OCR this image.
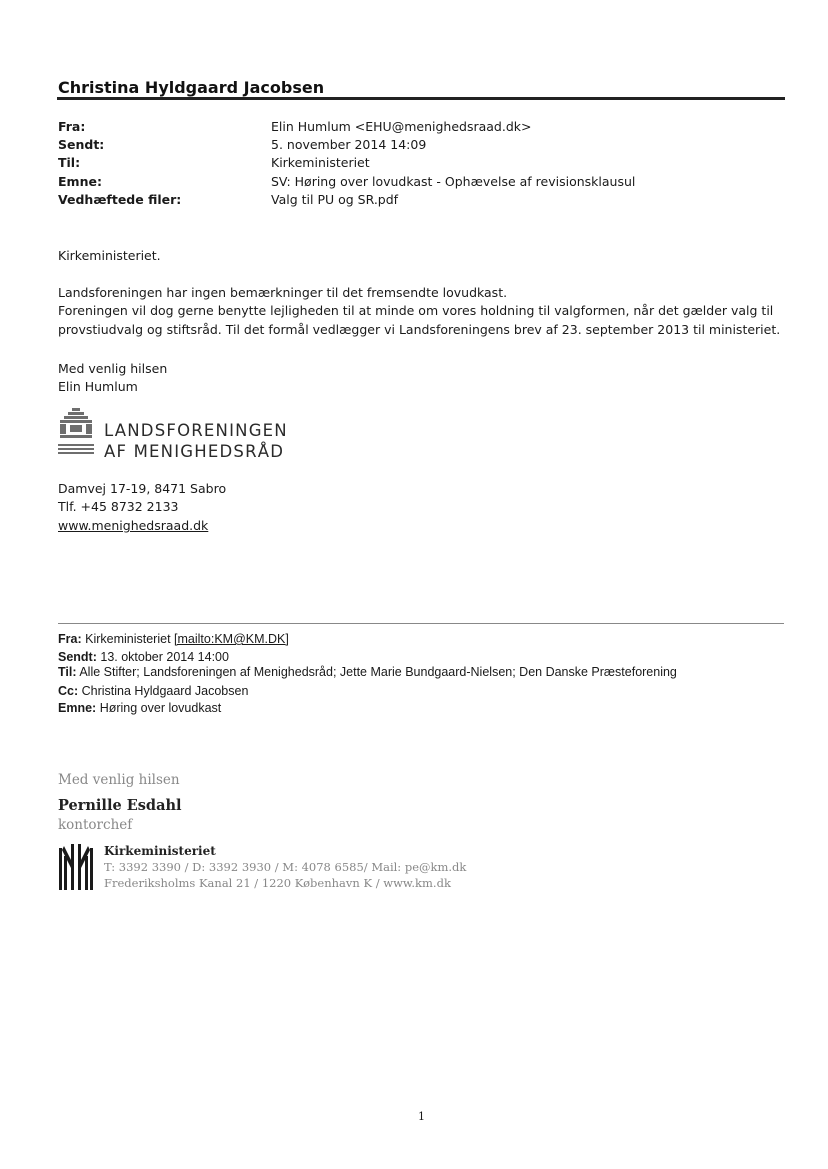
Christina Hyldgaard Jacobsen
Fra:
Sendt:
Til:
Emne:
Vedhæftede filer:
Elin Humlum <EHU@menighedsraad.dk>
5. november 2014 14:09
Kirkeministeriet
SV: Høring over lovudkast - Ophævelse af revisionsklausul
Valg til PU og SR.pdf
Kirkeministeriet.
Landsforeningen har ingen bemærkninger til det fremsendte lovudkast.
Foreningen vil dog gerne benytte lejligheden til at minde om vores holdning til valgformen, når det gælder valg til
provstiudvalg og stiftsråd. Til det formål vedlægger vi Landsforeningens brev af 23. september 2013 til ministeriet.
Med venlig hilsen
Elin Humlum
LANDSFORENINGEN
AF MENIGHEDSRÅD
Damvej 17-19, 8471 Sabro
Tlf. +45 8732 2133
www.menighedsraad.dk
Fra: Kirkeministeriet [mailto:KM@KM.DK]
Sendt: 13. oktober 2014 14:00
Til: Alle Stifter; Landsforeningen af Menighedsråd; Jette Marie Bundgaard-Nielsen; Den Danske Præsteforening
Cc: Christina Hyldgaard Jacobsen
Emne: Høring over lovudkast
Med venlig hilsen
Pernille Esdahl
kontorchef
Kirkeministeriet
T: 3392 3390 / D: 3392 3930 / M: 4078 6585/ Mail: pe@km.dk
Frederiksholms Kanal 21 / 1220 København K / www.km.dk
1
